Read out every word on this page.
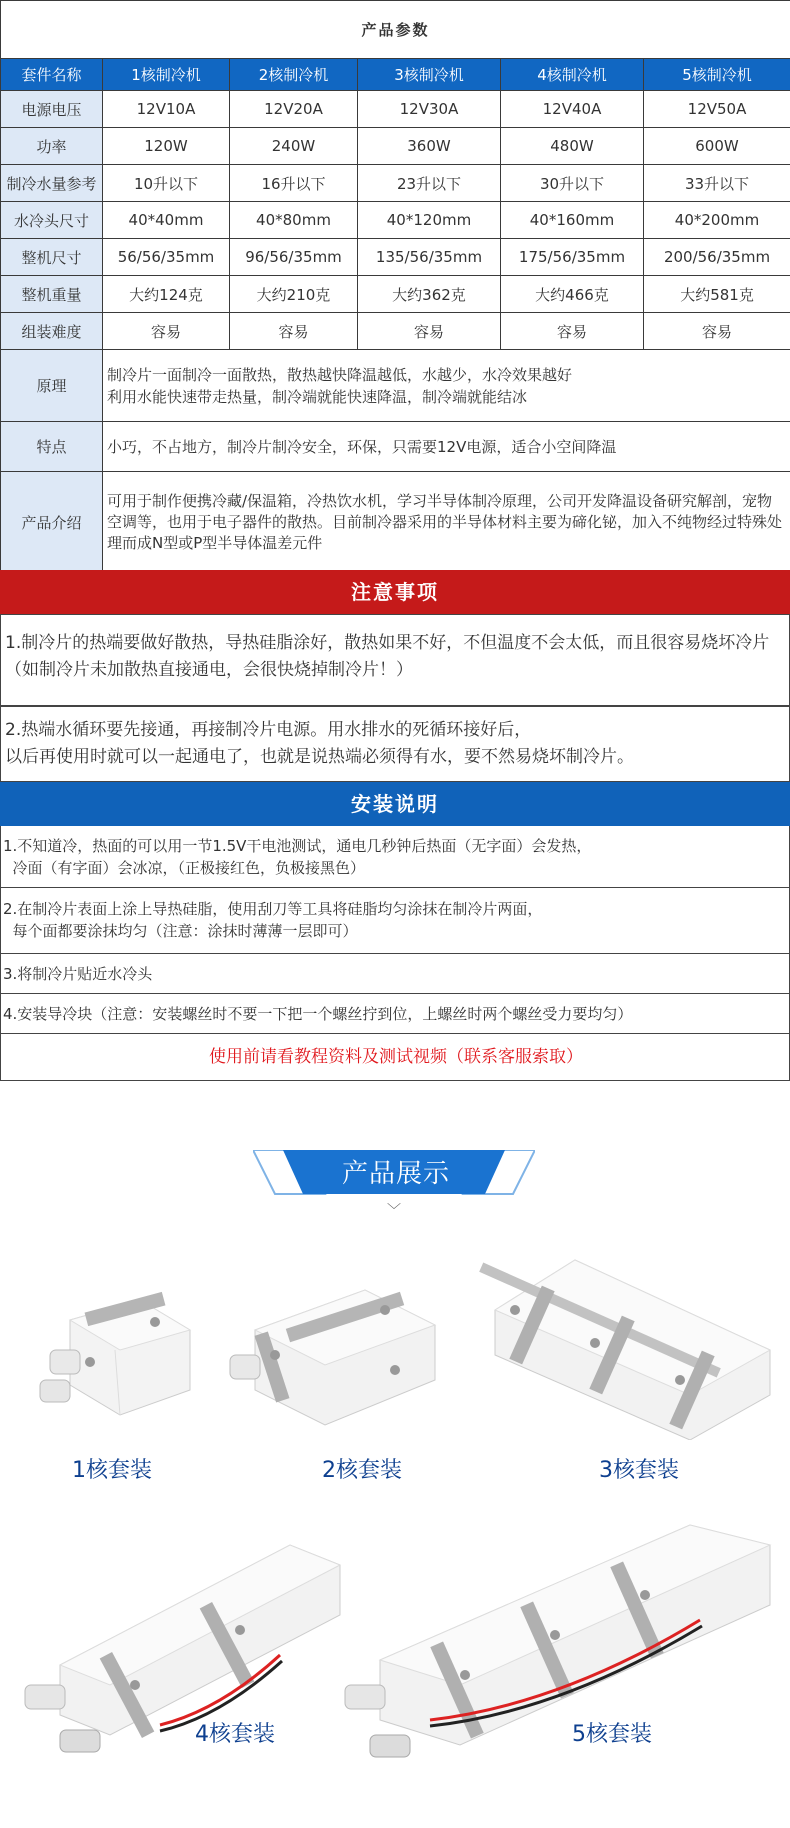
产品参数					
套件名称	1核制冷机	2核制冷机	3核制冷机	4核制冷机	5核制冷机
电源电压	12V10A	12V20A	12V30A	12V40A	12V50A
功率	120W	240W	360W	480W	600W
制冷水量参考	10升以下	16升以下	23升以下	30升以下	33升以下
水冷头尺寸	40*40mm	40*80mm	40*120mm	40*160mm	40*200mm
整机尺寸	56/56/35mm	96/56/35mm	135/56/35mm	175/56/35mm	200/56/35mm
整机重量	大约124克	大约210克	大约362克	大约466克	大约581克
组装难度	容易	容易	容易	容易	容易
原理	制冷片一面制冷一面散热，散热越快降温越低，水越少，水冷效果越好
利用水能快速带走热量，制冷端就能快速降温，制冷端就能结冰				

特点	小巧，不占地方，制冷片制冷安全，环保，只需要12V电源，适合小空间降温				
产品介绍	可用于制作便携冷藏/保温箱，冷热饮水机，学习半导体制冷原理，公司开发降温设备研究解剖，宠物空调等，也用于电子器件的散热。目前制冷器采用的半导体材料主要为碲化铋，加入不纯物经过特殊处理而成N型或P型半导体温差元件				
注意事项
1.制冷片的热端要做好散热，导热硅脂涂好，散热如果不好，不但温度不会太低，而且很容易烧坏冷片（如制冷片未加散热直接通电，会很快烧掉制冷片！）
2.热端水循环要先接通，再接制冷片电源。用水排水的死循环接好后，
以后再使用时就可以一起通电了，也就是说热端必须得有水，要不然易烧坏制冷片。
安装说明
1.不知道冷，热面的可以用一节1.5V干电池测试，通电几秒钟后热面（无字面）会发热，
冷面（有字面）会冰凉，（正极接红色，负极接黑色）
2.在制冷片表面上涂上导热硅脂，使用刮刀等工具将硅脂均匀涂抹在制冷片两面，
每个面都要涂抹均匀（注意：涂抹时薄薄一层即可）
3.将制冷片贴近水冷头
4.安装导冷块（注意：安装螺丝时不要一下把一个螺丝拧到位，上螺丝时两个螺丝受力要均匀）
使用前请看教程资料及测试视频（联系客服索取）
产品展示
﹀
1核套装	2核套装	3核套装
4核套装	5核套装
